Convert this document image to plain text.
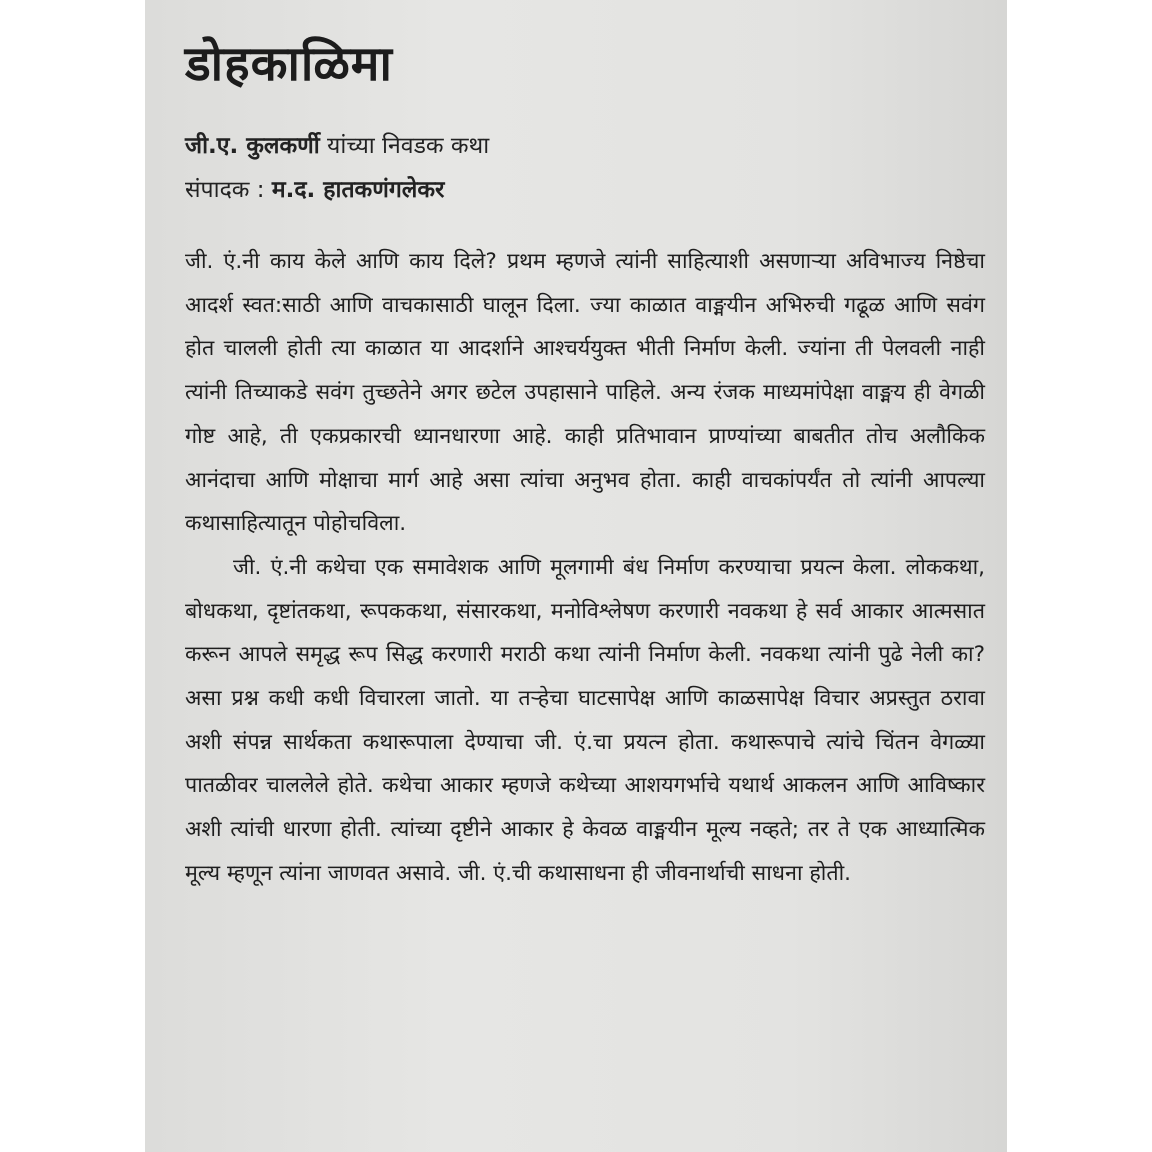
डोहकाळिमा
जी.ए. कुलकर्णी यांच्या निवडक कथा
संपादक : म.द. हातकणंगलेकर

जी. एं.नी काय केले आणि काय दिले? प्रथम म्हणजे त्यांनी साहित्याशी असणाऱ्या अविभाज्य निष्ठेचा आदर्श स्वत:साठी आणि वाचकासाठी घालून दिला. ज्या काळात वाङ्मयीन अभिरुची गढूळ आणि सवंग होत चालली होती त्या काळात या आदर्शाने आश्चर्ययुक्त भीती निर्माण केली. ज्यांना ती पेलवली नाही त्यांनी तिच्याकडे सवंग तुच्छतेने अगर छटेल उपहासाने पाहिले. अन्य रंजक माध्यमांपेक्षा वाङ्मय ही वेगळी गोष्ट आहे, ती एकप्रकारची ध्यानधारणा आहे. काही प्रतिभावान प्राण्यांच्या बाबतीत तोच अलौकिक आनंदाचा आणि मोक्षाचा मार्ग आहे असा त्यांचा अनुभव होता. काही वाचकांपर्यंत तो त्यांनी आपल्या कथासाहित्यातून पोहोचविला.

जी. एं.नी कथेचा एक समावेशक आणि मूलगामी बंध निर्माण करण्याचा प्रयत्न केला. लोककथा, बोधकथा, दृष्टांतकथा, रूपककथा, संसारकथा, मनोविश्लेषण करणारी नवकथा हे सर्व आकार आत्मसात करून आपले समृद्ध रूप सिद्ध करणारी मराठी कथा त्यांनी निर्माण केली. नवकथा त्यांनी पुढे नेली का? असा प्रश्न कधी कधी विचारला जातो. या तऱ्हेचा घाटसापेक्ष आणि काळसापेक्ष विचार अप्रस्तुत ठरावा अशी संपन्न सार्थकता कथारूपाला देण्याचा जी. एं.चा प्रयत्न होता. कथारूपाचे त्यांचे चिंतन वेगळ्या पातळीवर चाललेले होते. कथेचा आकार म्हणजे कथेच्या आशयगर्भाचे यथार्थ आकलन आणि आविष्कार अशी त्यांची धारणा होती. त्यांच्या दृष्टीने आकार हे केवळ वाङ्मयीन मूल्य नव्हते; तर ते एक आध्यात्मिक मूल्य म्हणून त्यांना जाणवत असावे. जी. एं.ची कथासाधना ही जीवनार्थाची साधना होती.
